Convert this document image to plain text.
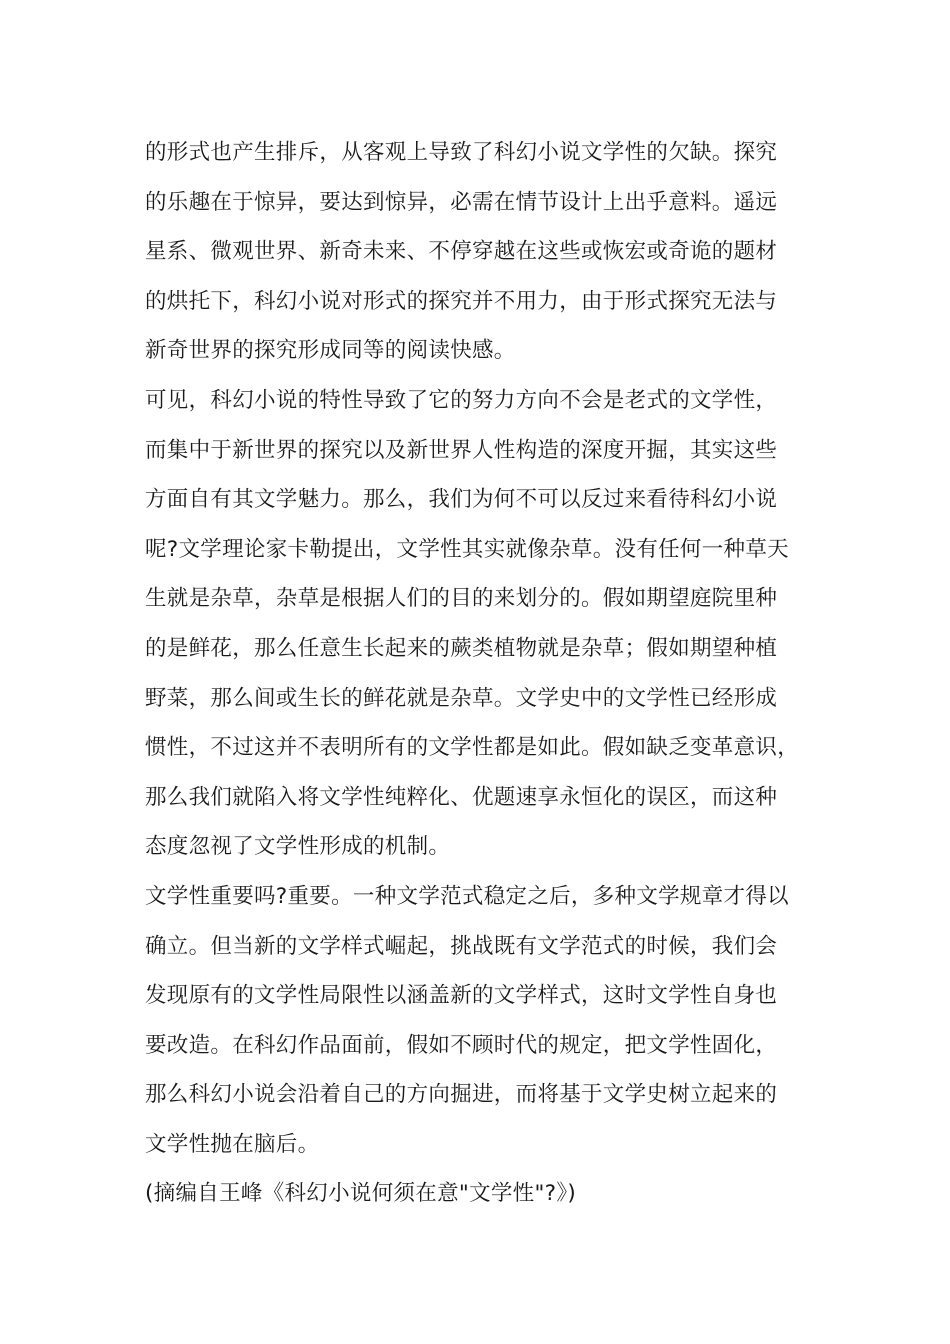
的形式也产生排斥，从客观上导致了科幻小说文学性的欠缺。探究
的乐趣在于惊异，要达到惊异，必需在情节设计上出乎意料。遥远
星系、微观世界、新奇未来、不停穿越在这些或恢宏或奇诡的题材
的烘托下，科幻小说对形式的探究并不用力，由于形式探究无法与
新奇世界的探究形成同等的阅读快感。
可见，科幻小说的特性导致了它的努力方向不会是老式的文学性，
而集中于新世界的探究以及新世界人性构造的深度开掘，其实这些
方面自有其文学魅力。那么，我们为何不可以反过来看待科幻小说
呢?文学理论家卡勒提出，文学性其实就像杂草。没有任何一种草天
生就是杂草，杂草是根据人们的目的来划分的。假如期望庭院里种
的是鲜花，那么任意生长起来的蕨类植物就是杂草；假如期望种植
野菜，那么间或生长的鲜花就是杂草。文学史中的文学性已经形成
惯性，不过这并不表明所有的文学性都是如此。假如缺乏变革意识，
那么我们就陷入将文学性纯粹化、优题速享永恒化的误区，而这种
态度忽视了文学性形成的机制。
文学性重要吗?重要。一种文学范式稳定之后，多种文学规章才得以
确立。但当新的文学样式崛起，挑战既有文学范式的时候，我们会
发现原有的文学性局限性以涵盖新的文学样式，这时文学性自身也
要改造。在科幻作品面前，假如不顾时代的规定，把文学性固化，
那么科幻小说会沿着自己的方向掘进，而将基于文学史树立起来的
文学性抛在脑后。
(摘编自王峰《科幻小说何须在意"文学性"?》)
